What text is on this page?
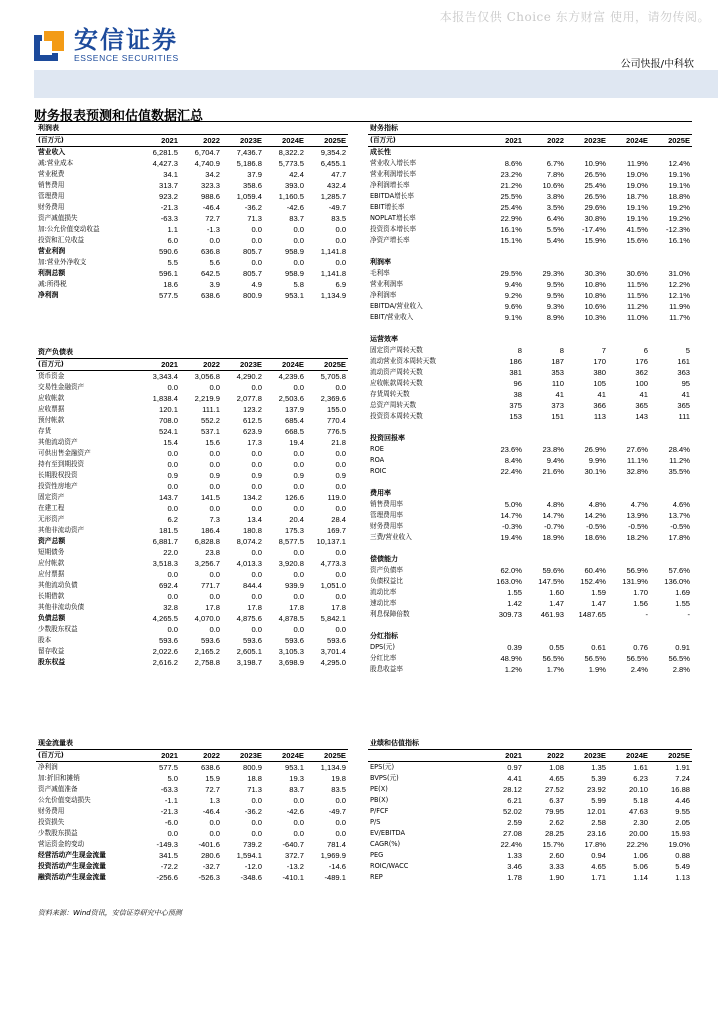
本报告仅供 Choice 东方财富 使用，请勿传阅。
安信证券
ESSENCE SECURITIES
公司快报/中科软
财务报表预测和估值数据汇总
利润表					
(百万元)	2021	2022	2023E	2024E	2025E
营业收入	6,281.5	6,704.7	7,436.7	8,322.2	9,354.2
减:营业成本	4,427.3	4,740.9	5,186.8	5,773.5	6,455.1
营业税费	34.1	34.2	37.9	42.4	47.7
销售费用	313.7	323.3	358.6	393.0	432.4
管理费用	923.2	988.6	1,059.4	1,160.5	1,285.7
财务费用	-21.3	-46.4	-36.2	-42.6	-49.7
资产减值损失	-63.3	72.7	71.3	83.7	83.5
加:公允价值变动收益	1.1	-1.3	0.0	0.0	0.0
投资和汇兑收益	6.0	0.0	0.0	0.0	0.0
营业利润	590.6	636.8	805.7	958.9	1,141.8
加:营业外净收支	5.5	5.6	0.0	0.0	0.0
利润总额	596.1	642.5	805.7	958.9	1,141.8
减:所得税	18.6	3.9	4.9	5.8	6.9
净利润	577.5	638.6	800.9	953.1	1,134.9
资产负债表					
(百万元)	2021	2022	2023E	2024E	2025E
货币资金	3,343.4	3,056.8	4,290.2	4,239.6	5,705.8
交易性金融资产	0.0	0.0	0.0	0.0	0.0
应收帐款	1,838.4	2,219.9	2,077.8	2,503.6	2,369.6
应收票据	120.1	111.1	123.2	137.9	155.0
预付帐款	708.0	552.2	612.5	685.4	770.4
存货	524.1	537.1	623.9	668.5	776.5
其他流动资产	15.4	15.6	17.3	19.4	21.8
可供出售金融资产	0.0	0.0	0.0	0.0	0.0
持有至到期投资	0.0	0.0	0.0	0.0	0.0
长期股权投资	0.9	0.9	0.9	0.9	0.9
投资性房地产	0.0	0.0	0.0	0.0	0.0
固定资产	143.7	141.5	134.2	126.6	119.0
在建工程	0.0	0.0	0.0	0.0	0.0
无形资产	6.2	7.3	13.4	20.4	28.4
其他非流动资产	181.5	186.4	180.8	175.3	169.7
资产总额	6,881.7	6,828.8	8,074.2	8,577.5	10,137.1
短期债务	22.0	23.8	0.0	0.0	0.0
应付帐款	3,518.3	3,256.7	4,013.3	3,920.8	4,773.3
应付票据	0.0	0.0	0.0	0.0	0.0
其他流动负债	692.4	771.7	844.4	939.9	1,051.0
长期借款	0.0	0.0	0.0	0.0	0.0
其他非流动负债	32.8	17.8	17.8	17.8	17.8
负债总额	4,265.5	4,070.0	4,875.6	4,878.5	5,842.1
少数股东权益	0.0	0.0	0.0	0.0	0.0
股本	593.6	593.6	593.6	593.6	593.6
留存收益	2,022.6	2,165.2	2,605.1	3,105.3	3,701.4
股东权益	2,616.2	2,758.8	3,198.7	3,698.9	4,295.0
现金流量表					
(百万元)	2021	2022	2023E	2024E	2025E
净利润	577.5	638.6	800.9	953.1	1,134.9
加:折旧和摊销	5.0	15.9	18.8	19.3	19.8
资产减值准备	-63.3	72.7	71.3	83.7	83.5
公允价值变动损失	-1.1	1.3	0.0	0.0	0.0
财务费用	-21.3	-46.4	-36.2	-42.6	-49.7
投资损失	-6.0	0.0	0.0	0.0	0.0
少数股东损益	0.0	0.0	0.0	0.0	0.0
营运资金的变动	-149.3	-401.6	739.2	-640.7	781.4
经营活动产生现金流量	341.5	280.6	1,594.1	372.7	1,969.9
投资活动产生现金流量	-72.2	-32.7	-12.0	-13.2	-14.6
融资活动产生现金流量	-256.6	-526.3	-348.6	-410.1	-489.1
财务指标					
(百万元)	2021	2022	2023E	2024E	2025E
成长性					
营业收入增长率	8.6%	6.7%	10.9%	11.9%	12.4%
营业利润增长率	23.2%	7.8%	26.5%	19.0%	19.1%
净利润增长率	21.2%	10.6%	25.4%	19.0%	19.1%
EBITDA增长率	25.5%	3.8%	26.5%	18.7%	18.8%
EBIT增长率	25.4%	3.5%	29.6%	19.1%	19.2%
NOPLAT增长率	22.9%	6.4%	30.8%	19.1%	19.2%
投资资本增长率	16.1%	5.5%	-17.4%	41.5%	-12.3%
净资产增长率	15.1%	5.4%	15.9%	15.6%	16.1%

利润率					
毛利率	29.5%	29.3%	30.3%	30.6%	31.0%
营业利润率	9.4%	9.5%	10.8%	11.5%	12.2%
净利润率	9.2%	9.5%	10.8%	11.5%	12.1%
EBITDA/营业收入	9.6%	9.3%	10.6%	11.2%	11.9%
EBIT/营业收入	9.1%	8.9%	10.3%	11.0%	11.7%

运营效率					
固定资产周转天数	8	8	7	6	5
流动营业资本周转天数	186	187	170	176	161
流动资产周转天数	381	353	380	362	363
应收帐款周转天数	96	110	105	100	95
存货周转天数	38	41	41	41	41
总资产周转天数	375	373	366	365	365
投资资本周转天数	153	151	113	143	111

投资回报率					
ROE	23.6%	23.8%	26.9%	27.6%	28.4%
ROA	8.4%	9.4%	9.9%	11.1%	11.2%
ROIC	22.4%	21.6%	30.1%	32.8%	35.5%

费用率					
销售费用率	5.0%	4.8%	4.8%	4.7%	4.6%
管理费用率	14.7%	14.7%	14.2%	13.9%	13.7%
财务费用率	-0.3%	-0.7%	-0.5%	-0.5%	-0.5%
三费/营业收入	19.4%	18.9%	18.6%	18.2%	17.8%

偿债能力					
资产负债率	62.0%	59.6%	60.4%	56.9%	57.6%
负债权益比	163.0%	147.5%	152.4%	131.9%	136.0%
流动比率	1.55	1.60	1.59	1.70	1.69
速动比率	1.42	1.47	1.47	1.56	1.55
利息保障倍数	309.73	461.93	1487.65	-	-

分红指标					
DPS(元)	0.39	0.55	0.61	0.76	0.91
分红比率	48.9%	56.5%	56.5%	56.5%	56.5%
股息收益率	1.2%	1.7%	1.9%	2.4%	2.8%
业绩和估值指标					
	2021	2022	2023E	2024E	2025E
EPS(元)	0.97	1.08	1.35	1.61	1.91
BVPS(元)	4.41	4.65	5.39	6.23	7.24
PE(X)	28.12	27.52	23.92	20.10	16.88
PB(X)	6.21	6.37	5.99	5.18	4.46
P/FCF	52.02	79.95	12.01	47.63	9.55
P/S	2.59	2.62	2.58	2.30	2.05
EV/EBITDA	27.08	28.25	23.16	20.00	15.93
CAGR(%)	22.4%	15.7%	17.8%	22.2%	19.0%
PEG	1.33	2.60	0.94	1.06	0.88
ROIC/WACC	3.46	3.33	4.65	5.06	5.49
REP	1.78	1.90	1.71	1.14	1.13
资料来源：Wind资讯，安信证券研究中心预测
